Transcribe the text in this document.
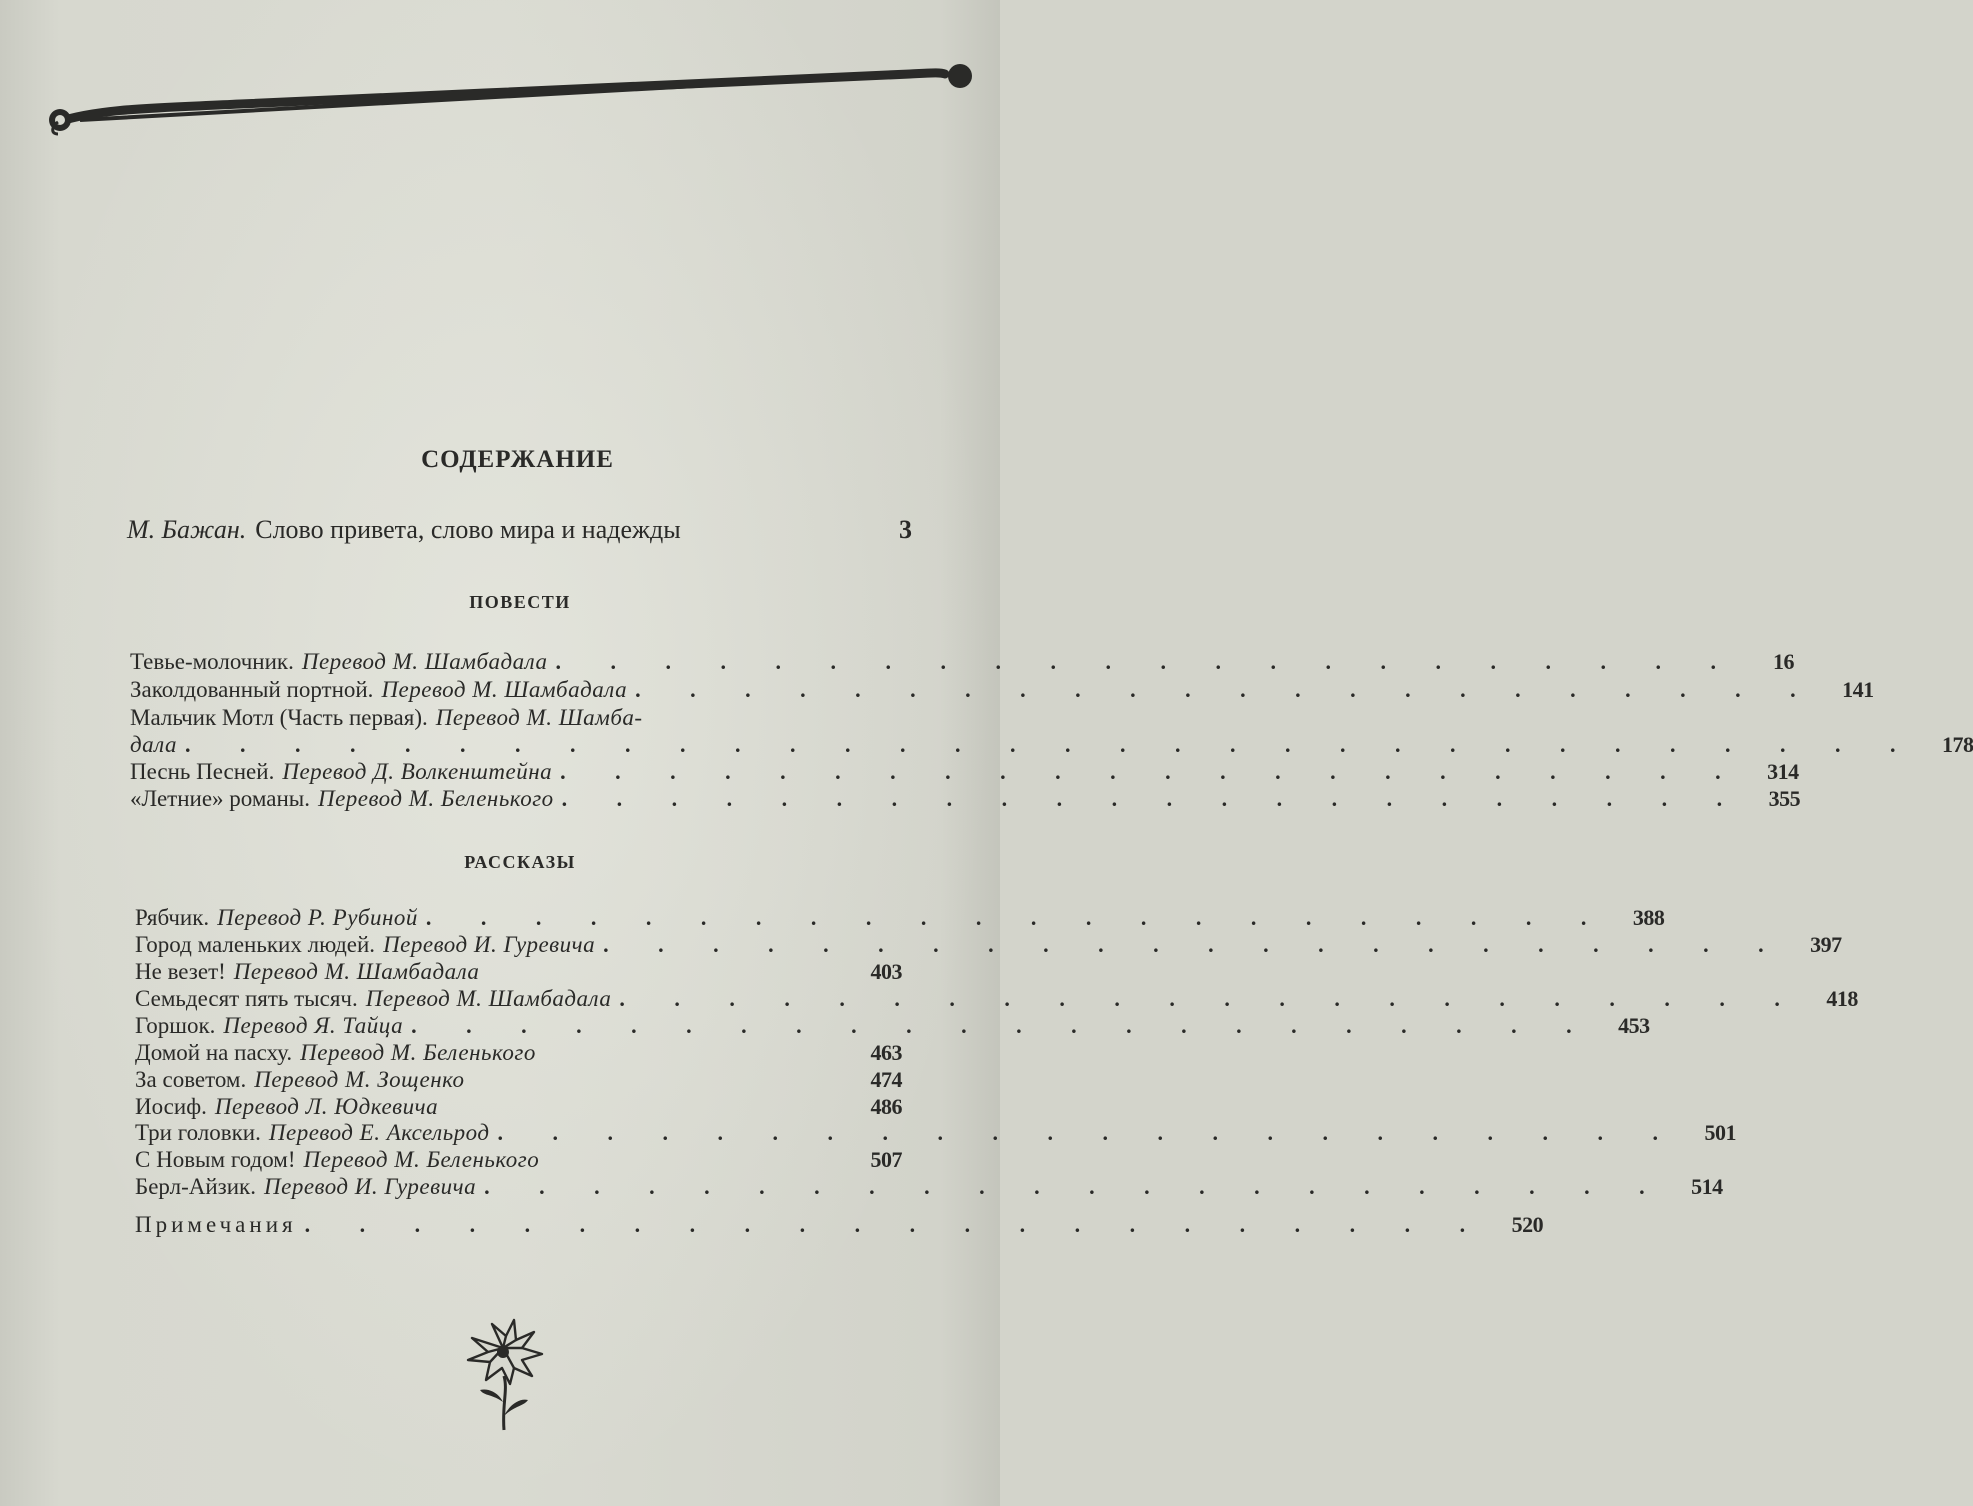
СОДЕРЖАНИЕ
М. Бажан. Слово привета, слово мира и надежды	3
ПОВЕСТИ
Тевье-молочник. Перевод М. Шамбадала . . . . . . . . . . . . . . . . . . . . . .	16
Заколдованный портной. Перевод М. Шамбадала . . . . . . . . . . . . . . . . . . . . . .	141
Мальчик Мотл (Часть первая). Перевод М. Шамба-
дала . . . . . . . . . . . . . . . . . . . . . . . . . . . . . . . .	178
Песнь Песней. Перевод Д. Волкенштейна . . . . . . . . . . . . . . . . . . . . . .	314
«Летние» романы. Перевод М. Беленького . . . . . . . . . . . . . . . . . . . . . .	355
РАССКАЗЫ
Рябчик. Перевод Р. Рубиной . . . . . . . . . . . . . . . . . . . . . .	388
Город маленьких людей. Перевод И. Гуревича . . . . . . . . . . . . . . . . . . . . . .	397
Не везет! Перевод М. Шамбадала	403
Семьдесят пять тысяч. Перевод М. Шамбадала . . . . . . . . . . . . . . . . . . . . . .	418
Горшок. Перевод Я. Тайца . . . . . . . . . . . . . . . . . . . . . .	453
Домой на пасху. Перевод М. Беленького	463
За советом. Перевод М. Зощенко	474
Иосиф. Перевод Л. Юдкевича	486
Три головки. Перевод Е. Аксельрод . . . . . . . . . . . . . . . . . . . . . .	501
С Новым годом! Перевод М. Беленького	507
Берл-Айзик. Перевод И. Гуревича . . . . . . . . . . . . . . . . . . . . . .	514
Примечания . . . . . . . . . . . . . . . . . . . . . .	520
